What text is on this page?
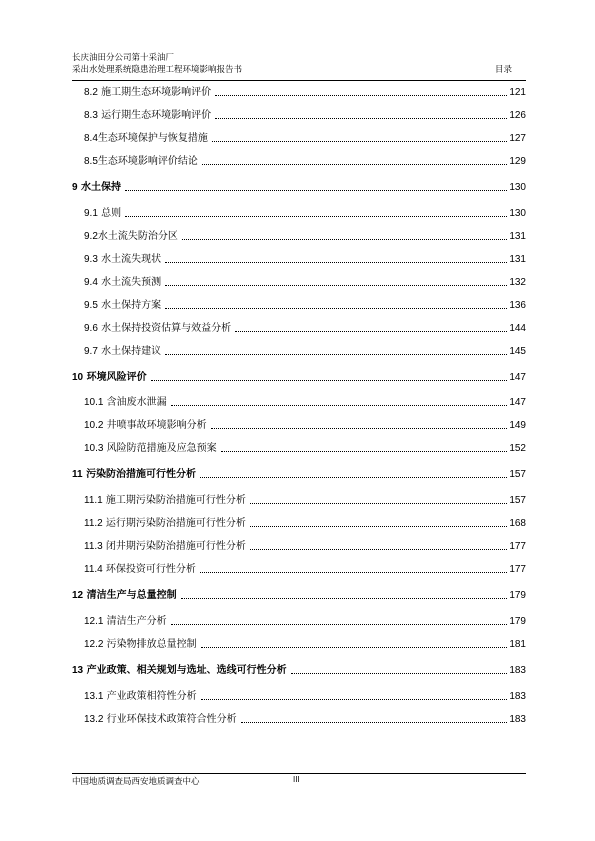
长庆油田分公司第十采油厂
采出水处理系统隐患治理工程环境影响报告书	目录
8.2 施工期生态环境影响评价	121
8.3 运行期生态环境影响评价	126
8.4生态环境保护与恢复措施	127
8.5生态环境影响评价结论	129
9 水土保持	130
9.1 总则	130
9.2水土流失防治分区	131
9.3 水土流失现状	131
9.4 水土流失预测	132
9.5 水土保持方案	136
9.6 水土保持投资估算与效益分析	144
9.7 水土保持建议	145
10 环境风险评价	147
10.1 含油废水泄漏	147
10.2 井喷事故环境影响分析	149
10.3 风险防范措施及应急预案	152
11 污染防治措施可行性分析	157
11.1 施工期污染防治措施可行性分析	157
11.2 运行期污染防治措施可行性分析	168
11.3 闭井期污染防治措施可行性分析	177
11.4 环保投资可行性分析	177
12 清洁生产与总量控制	179
12.1 清洁生产分析	179
12.2 污染物排放总量控制	181
13 产业政策、相关规划与选址、选线可行性分析	183
13.1 产业政策相符性分析	183
13.2 行业环保技术政策符合性分析	183
中国地质调查局西安地质调查中心	III
